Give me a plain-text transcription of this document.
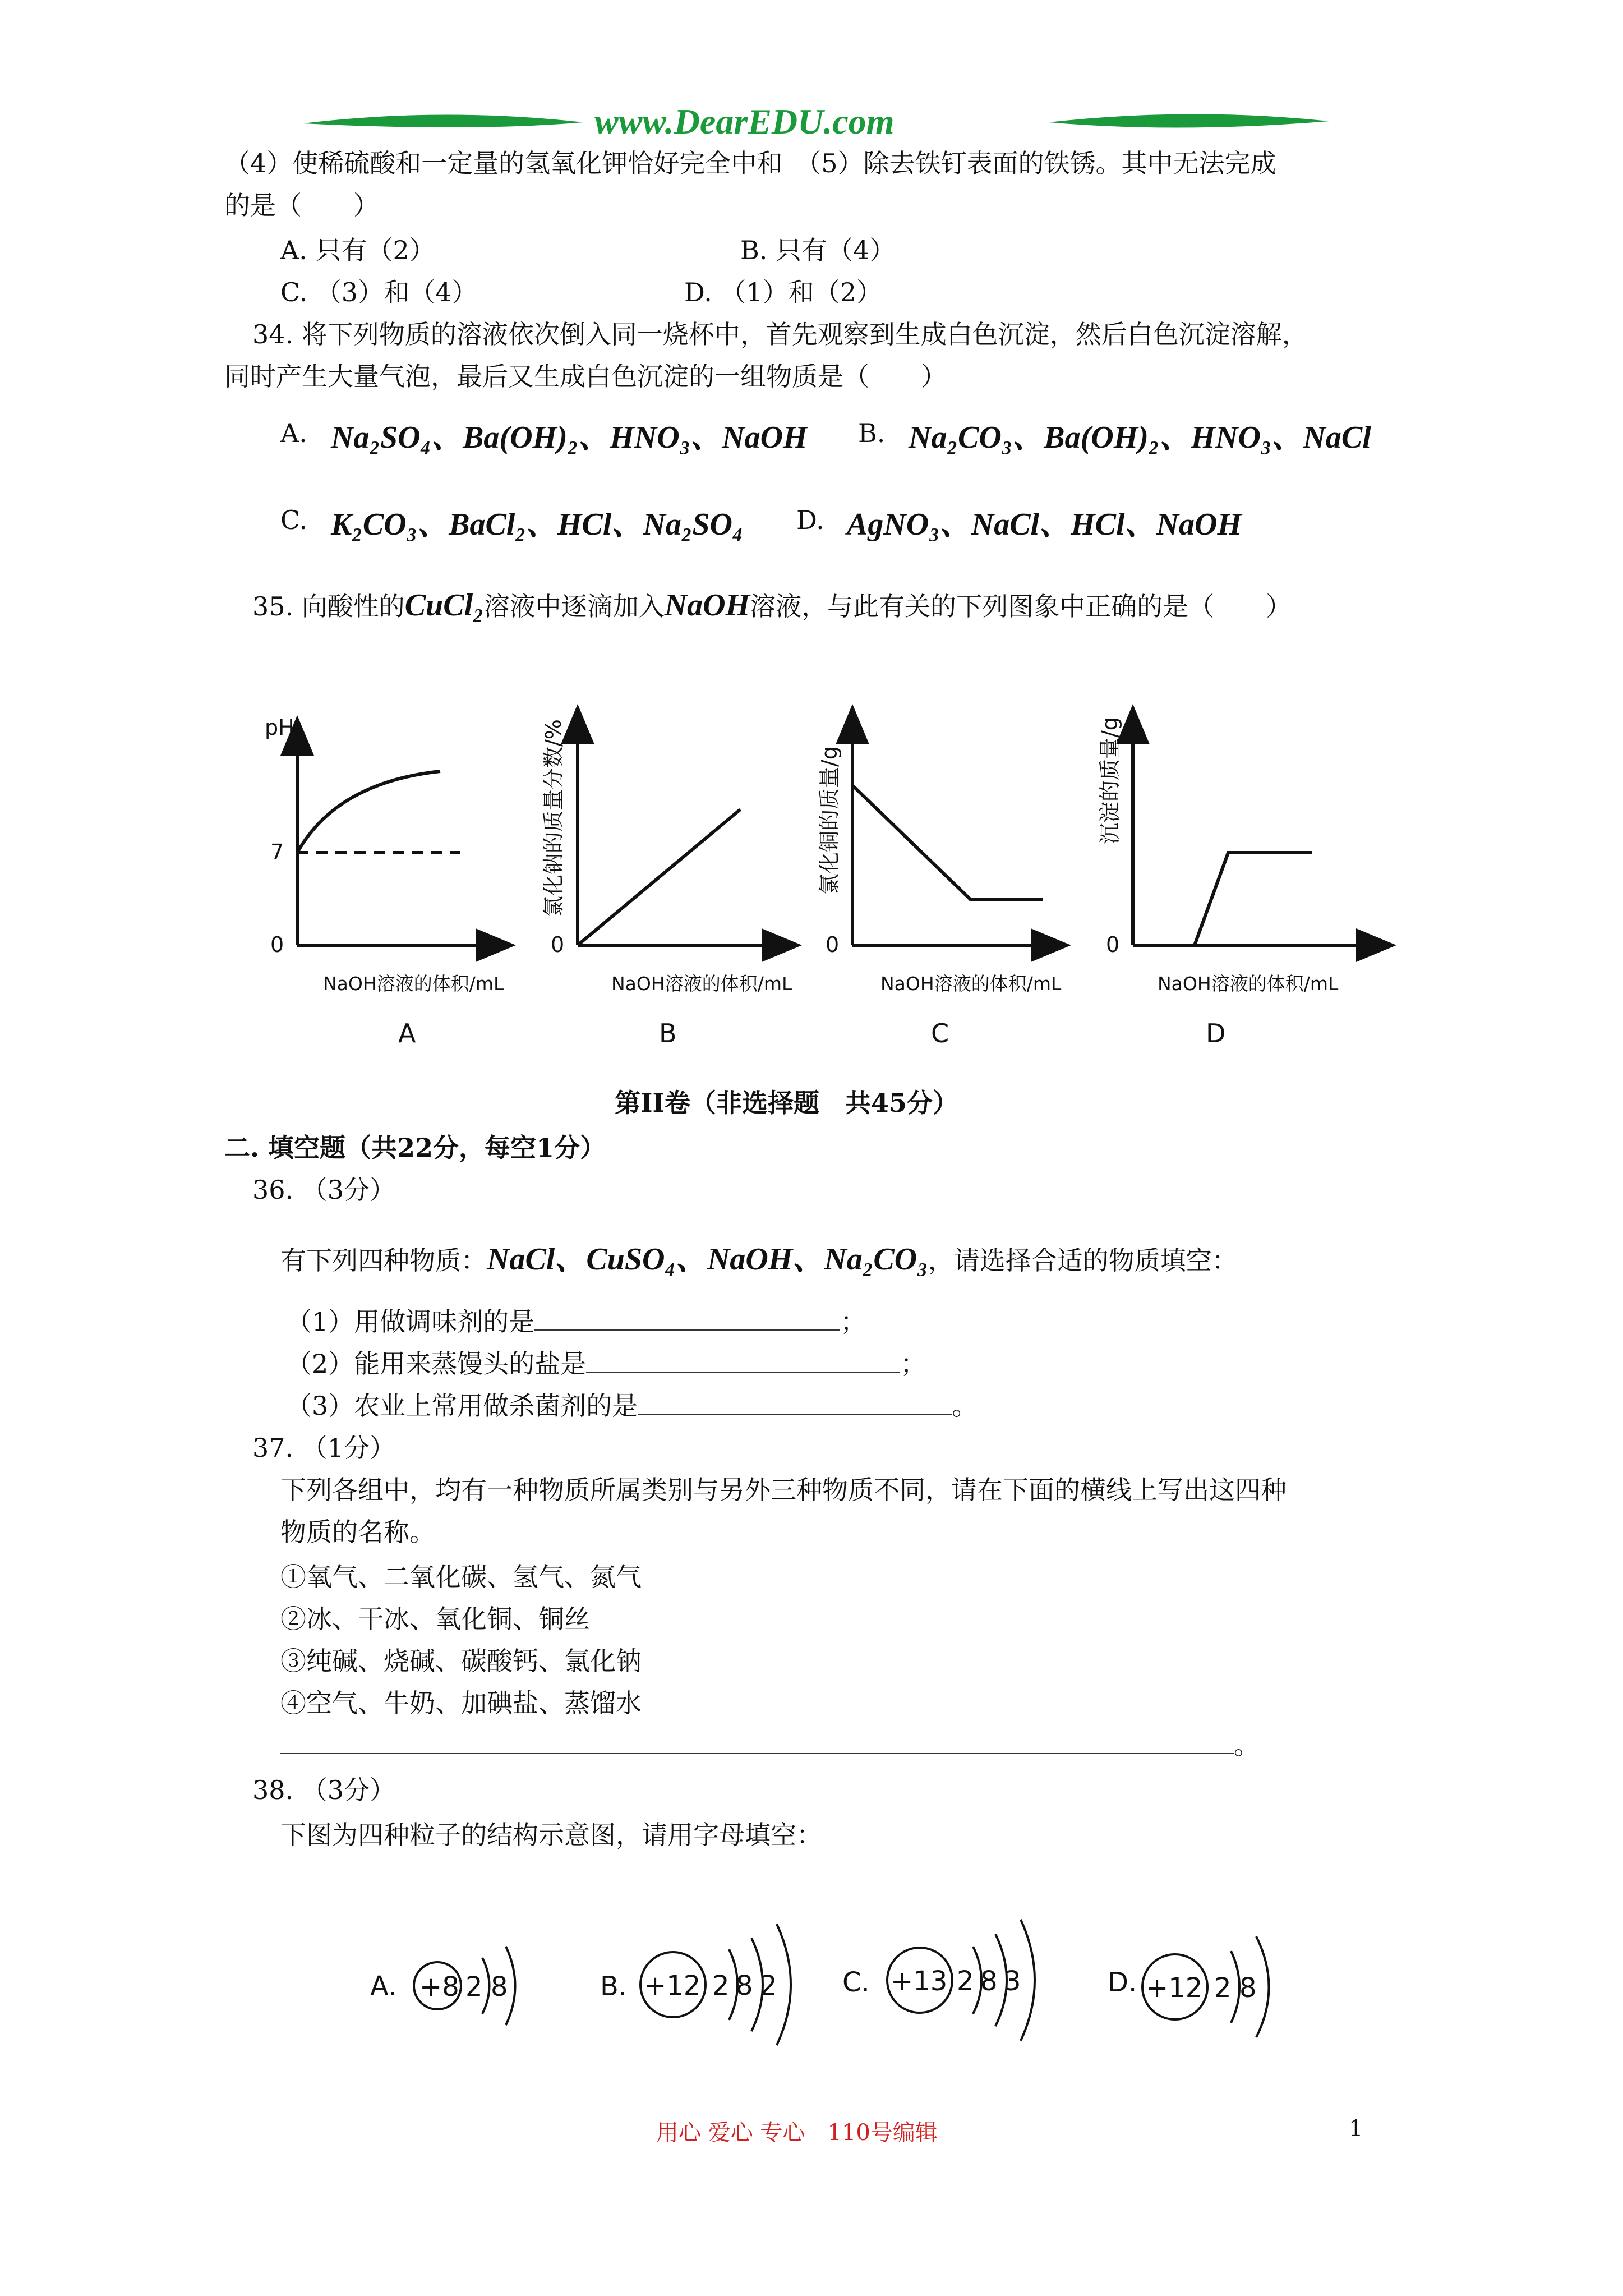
www.DearEDU.com
（4）使稀硫酸和一定量的氢氧化钾恰好完全中和　（5）除去铁钉表面的铁锈。其中无法完成
的是（　　）
A. 只有（2）	B. 只有（4）
C. （3）和（4）	D. （1）和（2）
34. 将下列物质的溶液依次倒入同一烧杯中，首先观察到生成白色沉淀，然后白色沉淀溶解，
同时产生大量气泡，最后又生成白色沉淀的一组物质是（　　）
A. Na₂SO₄、Ba(OH)₂、HNO₃、NaOH B. Na₂CO₃、Ba(OH)₂、HNO₃、NaCl
C. K₂CO₃、BaCl₂、HCl、Na₂SO₄ D. AgNO₃、NaCl、HCl、NaOH
35. 向酸性的CuCl₂溶液中逐滴加入NaOH溶液，与此有关的下列图象中正确的是（　　）
pH
7
0	0	0	0
NaOH溶液的体积/mL	NaOH溶液的体积/mL	NaOH溶液的体积/mL	NaOH溶液的体积/mL
氯化钠的质量分数/%	氯化铜的质量/g	沉淀的质量/g
A	B	C	D
第II卷（非选择题　共45分）
二. 填空题（共22分，每空1分）
36. （3分）
有下列四种物质：NaCl、CuSO₄、NaOH、Na₂CO₃，请选择合适的物质填空：
（1）用做调味剂的是	；
（2）能用来蒸馒头的盐是	；
（3）农业上常用做杀菌剂的是	。
37. （1分）
下列各组中，均有一种物质所属类别与另外三种物质不同，请在下面的横线上写出这四种
物质的名称。
①氧气、二氧化碳、氢气、氮气
②冰、干冰、氧化铜、铜丝
③纯碱、烧碱、碳酸钙、氯化钠
④空气、牛奶、加碘盐、蒸馏水
。
38. （3分）
下图为四种粒子的结构示意图，请用字母填空：
A. +8 2 8	B. +12 2 8 2 C. +13 2 8 3	D. +12 2 8
用心 爱心 专心　110号编辑	1
